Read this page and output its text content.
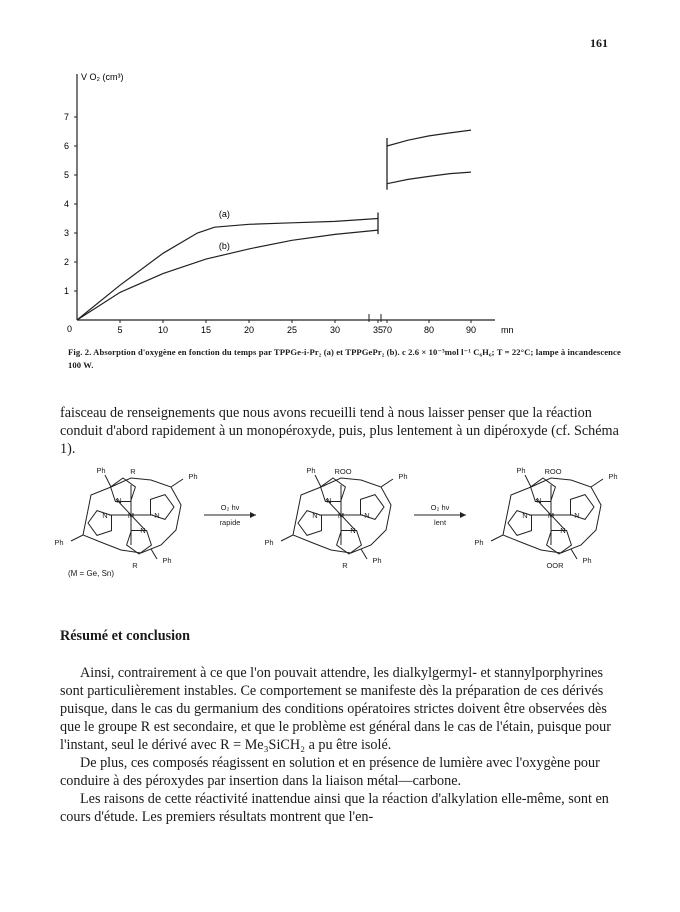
161
1
2
3
4
5
6
7
5	10	15	20	25	30	35
70	80	90
V O₂ (cm³)
mn
0
(a)
(b)
Fig. 2. Absorption d'oxygène en fonction du temps par TPPGe-i-Pr₂ (a) et TPPGePr₂ (b). c 2.6 × 10⁻³mol l⁻¹ C₆H₆; T = 22°C; lampe à incandescence 100 W.
faisceau de renseignements que nous avons recueilli tend à nous laisser penser que la réaction conduit d'abord rapidement à un monopéroxyde, puis, plus lentement à un dipéroxyde (cf. Schéma 1).
M
N	N
N
N
R
R
Ph
Ph
Ph
Ph
M
N	N
N
N
ROO
R
Ph
Ph
Ph
Ph
M
N	N
N
N
ROO
OOR
Ph
Ph
Ph
Ph
O₂ hν
rapide
O₂ hν
lent
(M = Ge, Sn)
Résumé et conclusion

Ainsi, contrairement à ce que l'on pouvait attendre, les dialkylgermyl- et stannylporphyrines sont particulièrement instables. Ce comportement se manifeste dès la préparation de ces dérivés puisque, dans le cas du germanium des conditions opératoires strictes doivent être observées dès que le groupe R est secondaire, et que le problème est général dans le cas de l'étain, puisque pour l'instant, seul le dérivé avec R = Me₃SiCH₂ a pu être isolé.

De plus, ces composés réagissent en solution et en présence de lumière avec l'oxygène pour conduire à des péroxydes par insertion dans la liaison métal—carbone.

Les raisons de cette réactivité inattendue ainsi que la réaction d'alkylation elle-même, sont en cours d'étude. Les premiers résultats montrent que l'en-
